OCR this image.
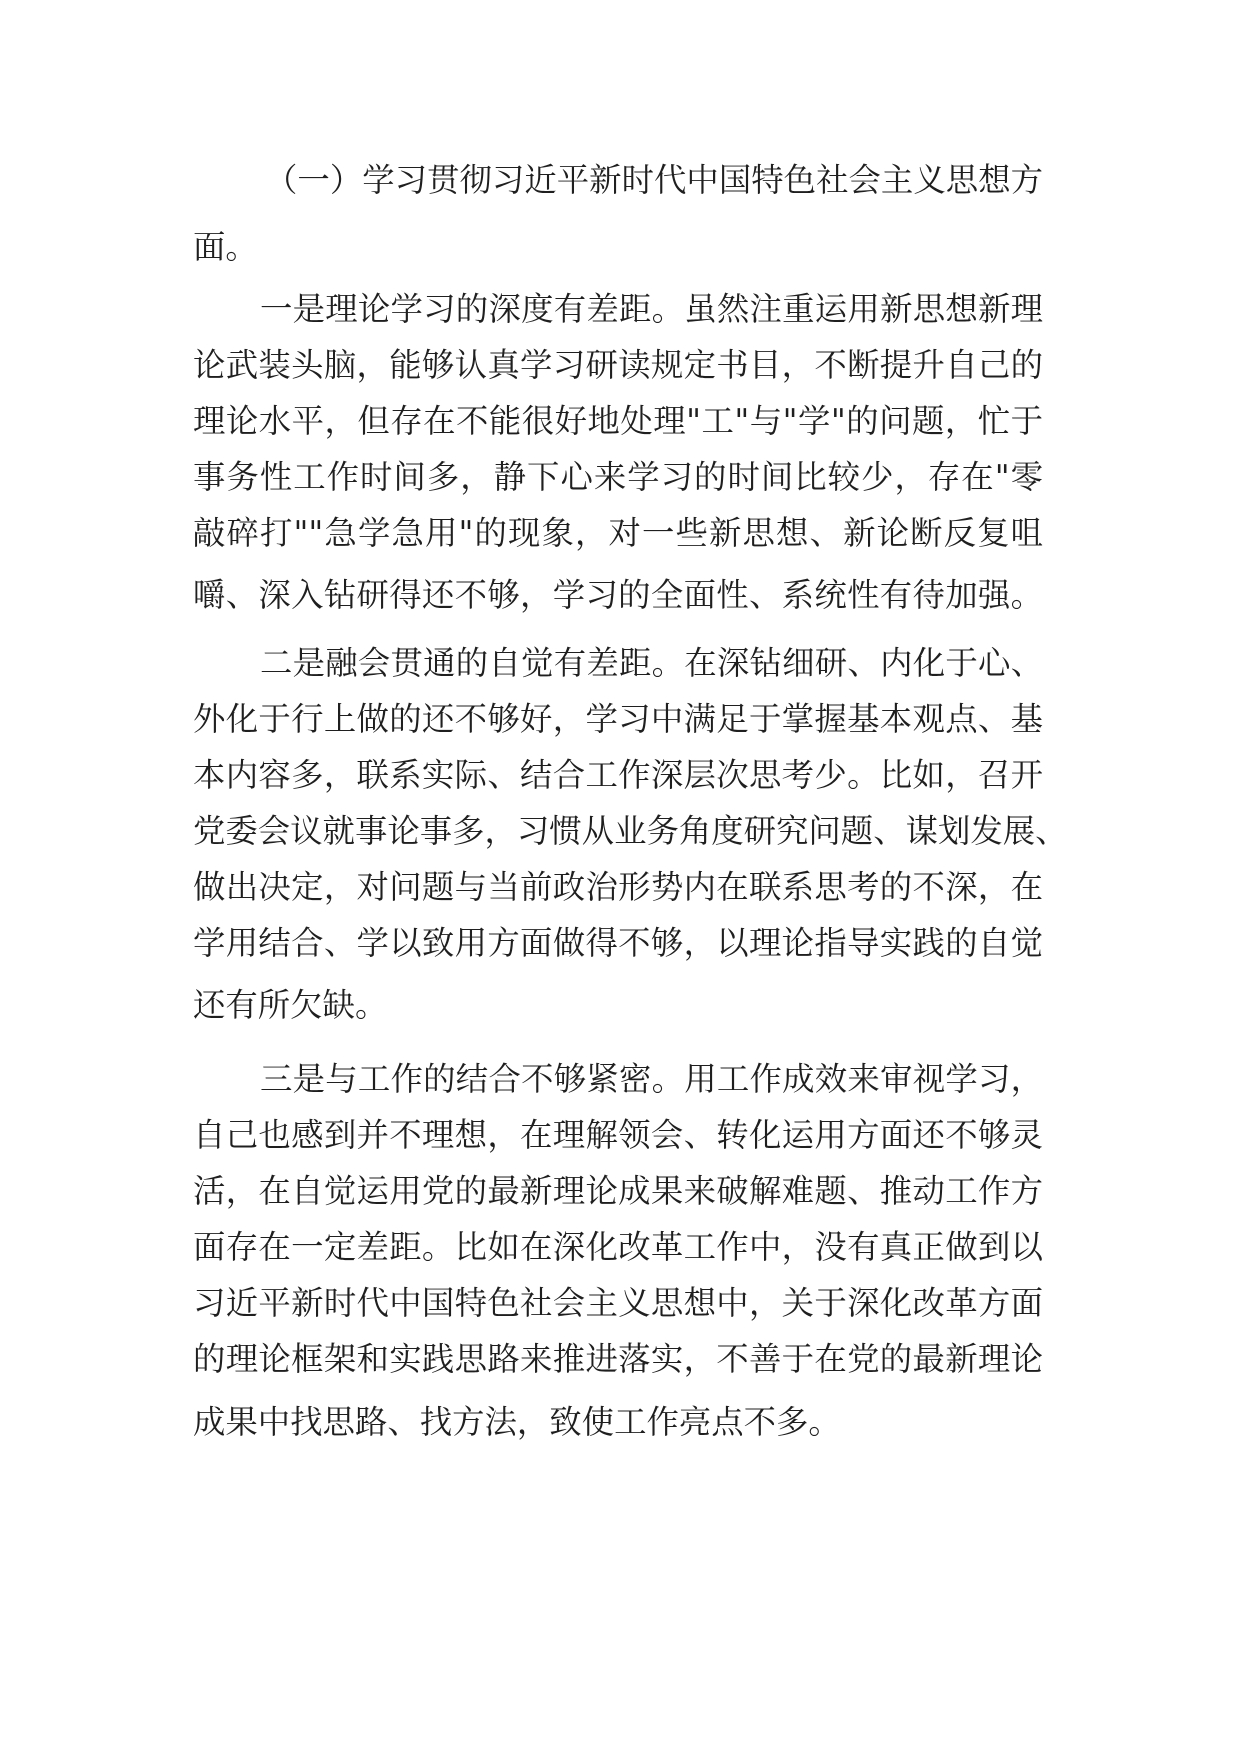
（一）学习贯彻习近平新时代中国特色社会主义思想方

面。

一是理论学习的深度有差距。虽然注重运用新思想新理

论武装头脑，能够认真学习研读规定书目，不断提升自己的

理论水平，但存在不能很好地处理"工"与"学"的问题，忙于

事务性工作时间多，静下心来学习的时间比较少，存在"零

敲碎打""急学急用"的现象，对一些新思想、新论断反复咀

嚼、深入钻研得还不够，学习的全面性、系统性有待加强。

二是融会贯通的自觉有差距。在深钻细研、内化于心、

外化于行上做的还不够好，学习中满足于掌握基本观点、基

本内容多，联系实际、结合工作深层次思考少。比如，召开

党委会议就事论事多，习惯从业务角度研究问题、谋划发展、

做出决定，对问题与当前政治形势内在联系思考的不深，在

学用结合、学以致用方面做得不够，以理论指导实践的自觉

还有所欠缺。

三是与工作的结合不够紧密。用工作成效来审视学习，

自己也感到并不理想，在理解领会、转化运用方面还不够灵

活，在自觉运用党的最新理论成果来破解难题、推动工作方

面存在一定差距。比如在深化改革工作中，没有真正做到以

习近平新时代中国特色社会主义思想中，关于深化改革方面

的理论框架和实践思路来推进落实，不善于在党的最新理论

成果中找思路、找方法，致使工作亮点不多。
